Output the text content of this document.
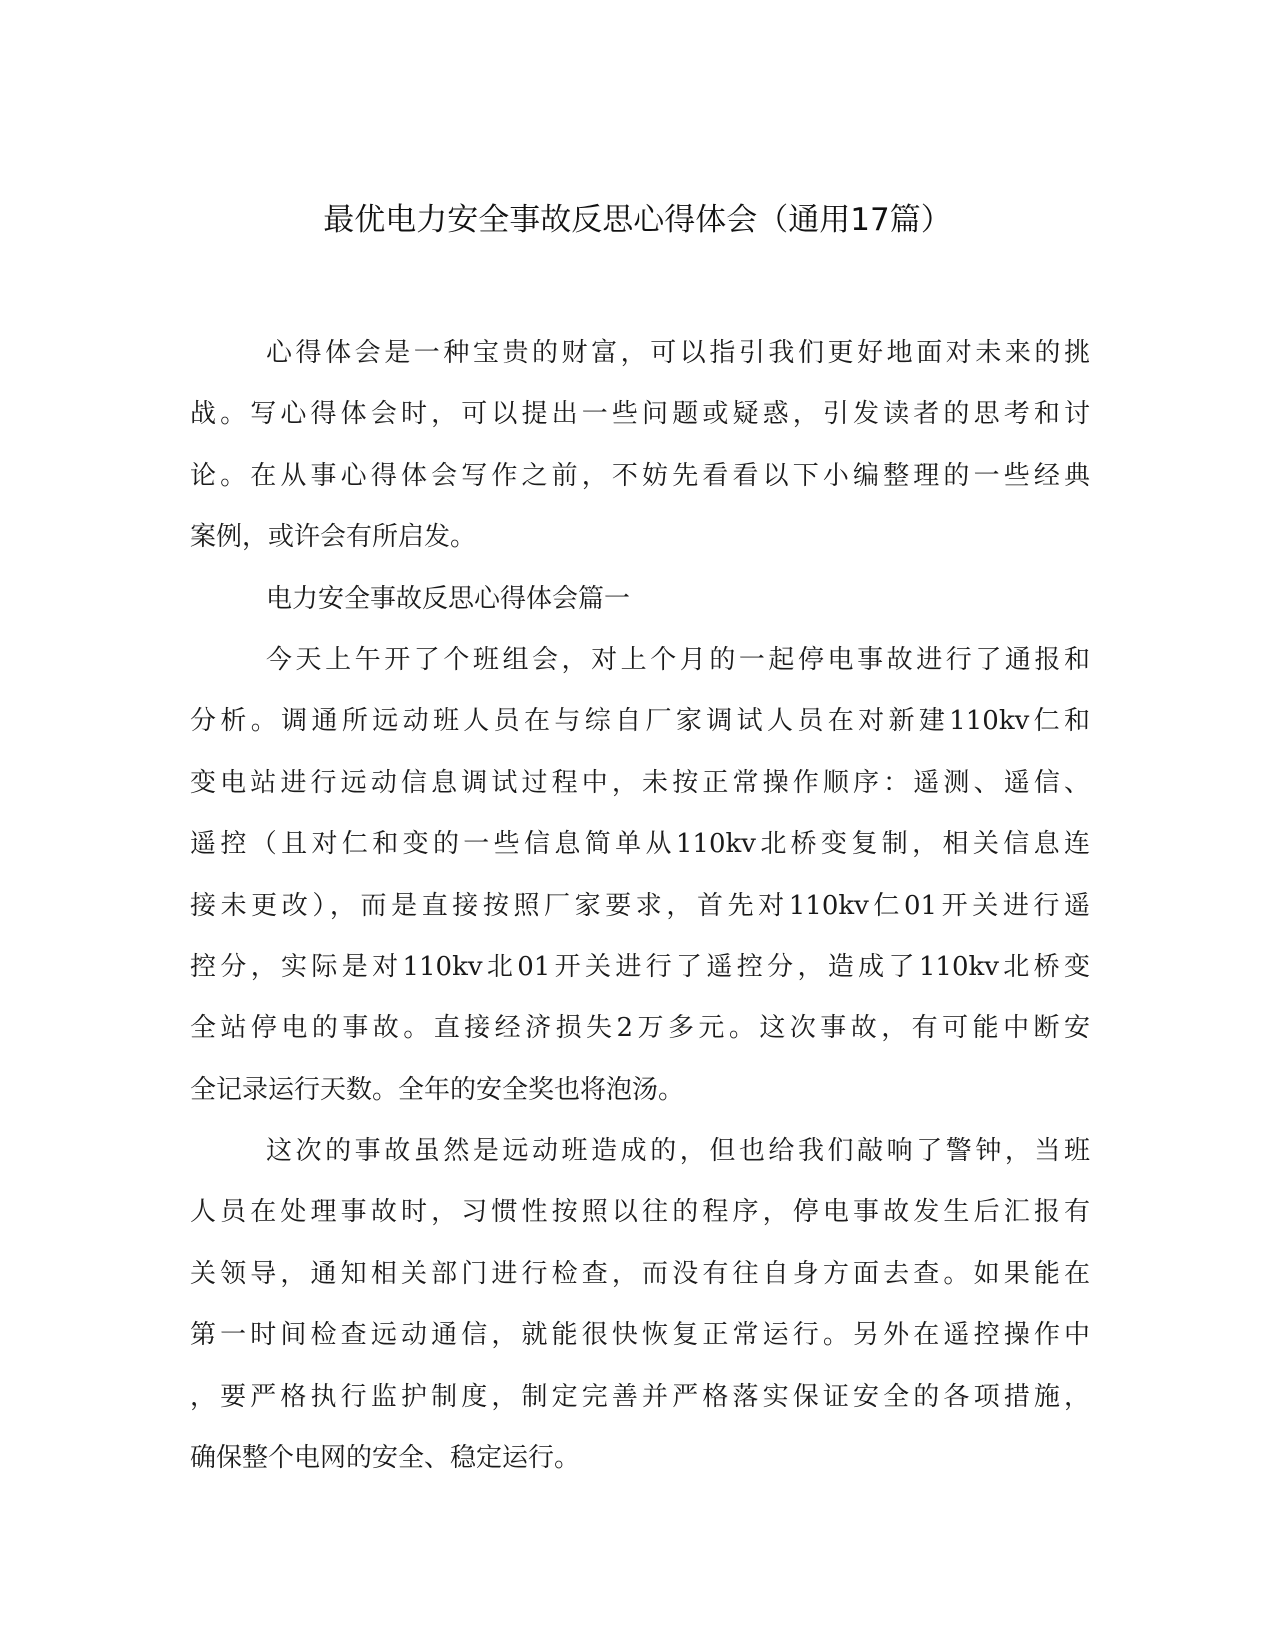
最优电力安全事故反思心得体会（通用17篇）
心得体会是一种宝贵的财富，可以指引我们更好地面对未来的挑
战。写心得体会时，可以提出一些问题或疑惑，引发读者的思考和讨
论。在从事心得体会写作之前，不妨先看看以下小编整理的一些经典
案例，或许会有所启发。
电力安全事故反思心得体会篇一
今天上午开了个班组会，对上个月的一起停电事故进行了通报和
分析。调通所远动班人员在与综自厂家调试人员在对新建110kv仁和
变电站进行远动信息调试过程中，未按正常操作顺序：遥测、遥信、
遥控（且对仁和变的一些信息简单从110kv北桥变复制，相关信息连
接未更改），而是直接按照厂家要求，首先对110kv仁01开关进行遥
控分，实际是对110kv北01开关进行了遥控分，造成了110kv北桥变
全站停电的事故。直接经济损失2万多元。这次事故，有可能中断安
全记录运行天数。全年的安全奖也将泡汤。
这次的事故虽然是远动班造成的，但也给我们敲响了警钟，当班
人员在处理事故时，习惯性按照以往的程序，停电事故发生后汇报有
关领导，通知相关部门进行检查，而没有往自身方面去查。如果能在
第一时间检查远动通信，就能很快恢复正常运行。另外在遥控操作中
，要严格执行监护制度，制定完善并严格落实保证安全的各项措施，
确保整个电网的安全、稳定运行。
